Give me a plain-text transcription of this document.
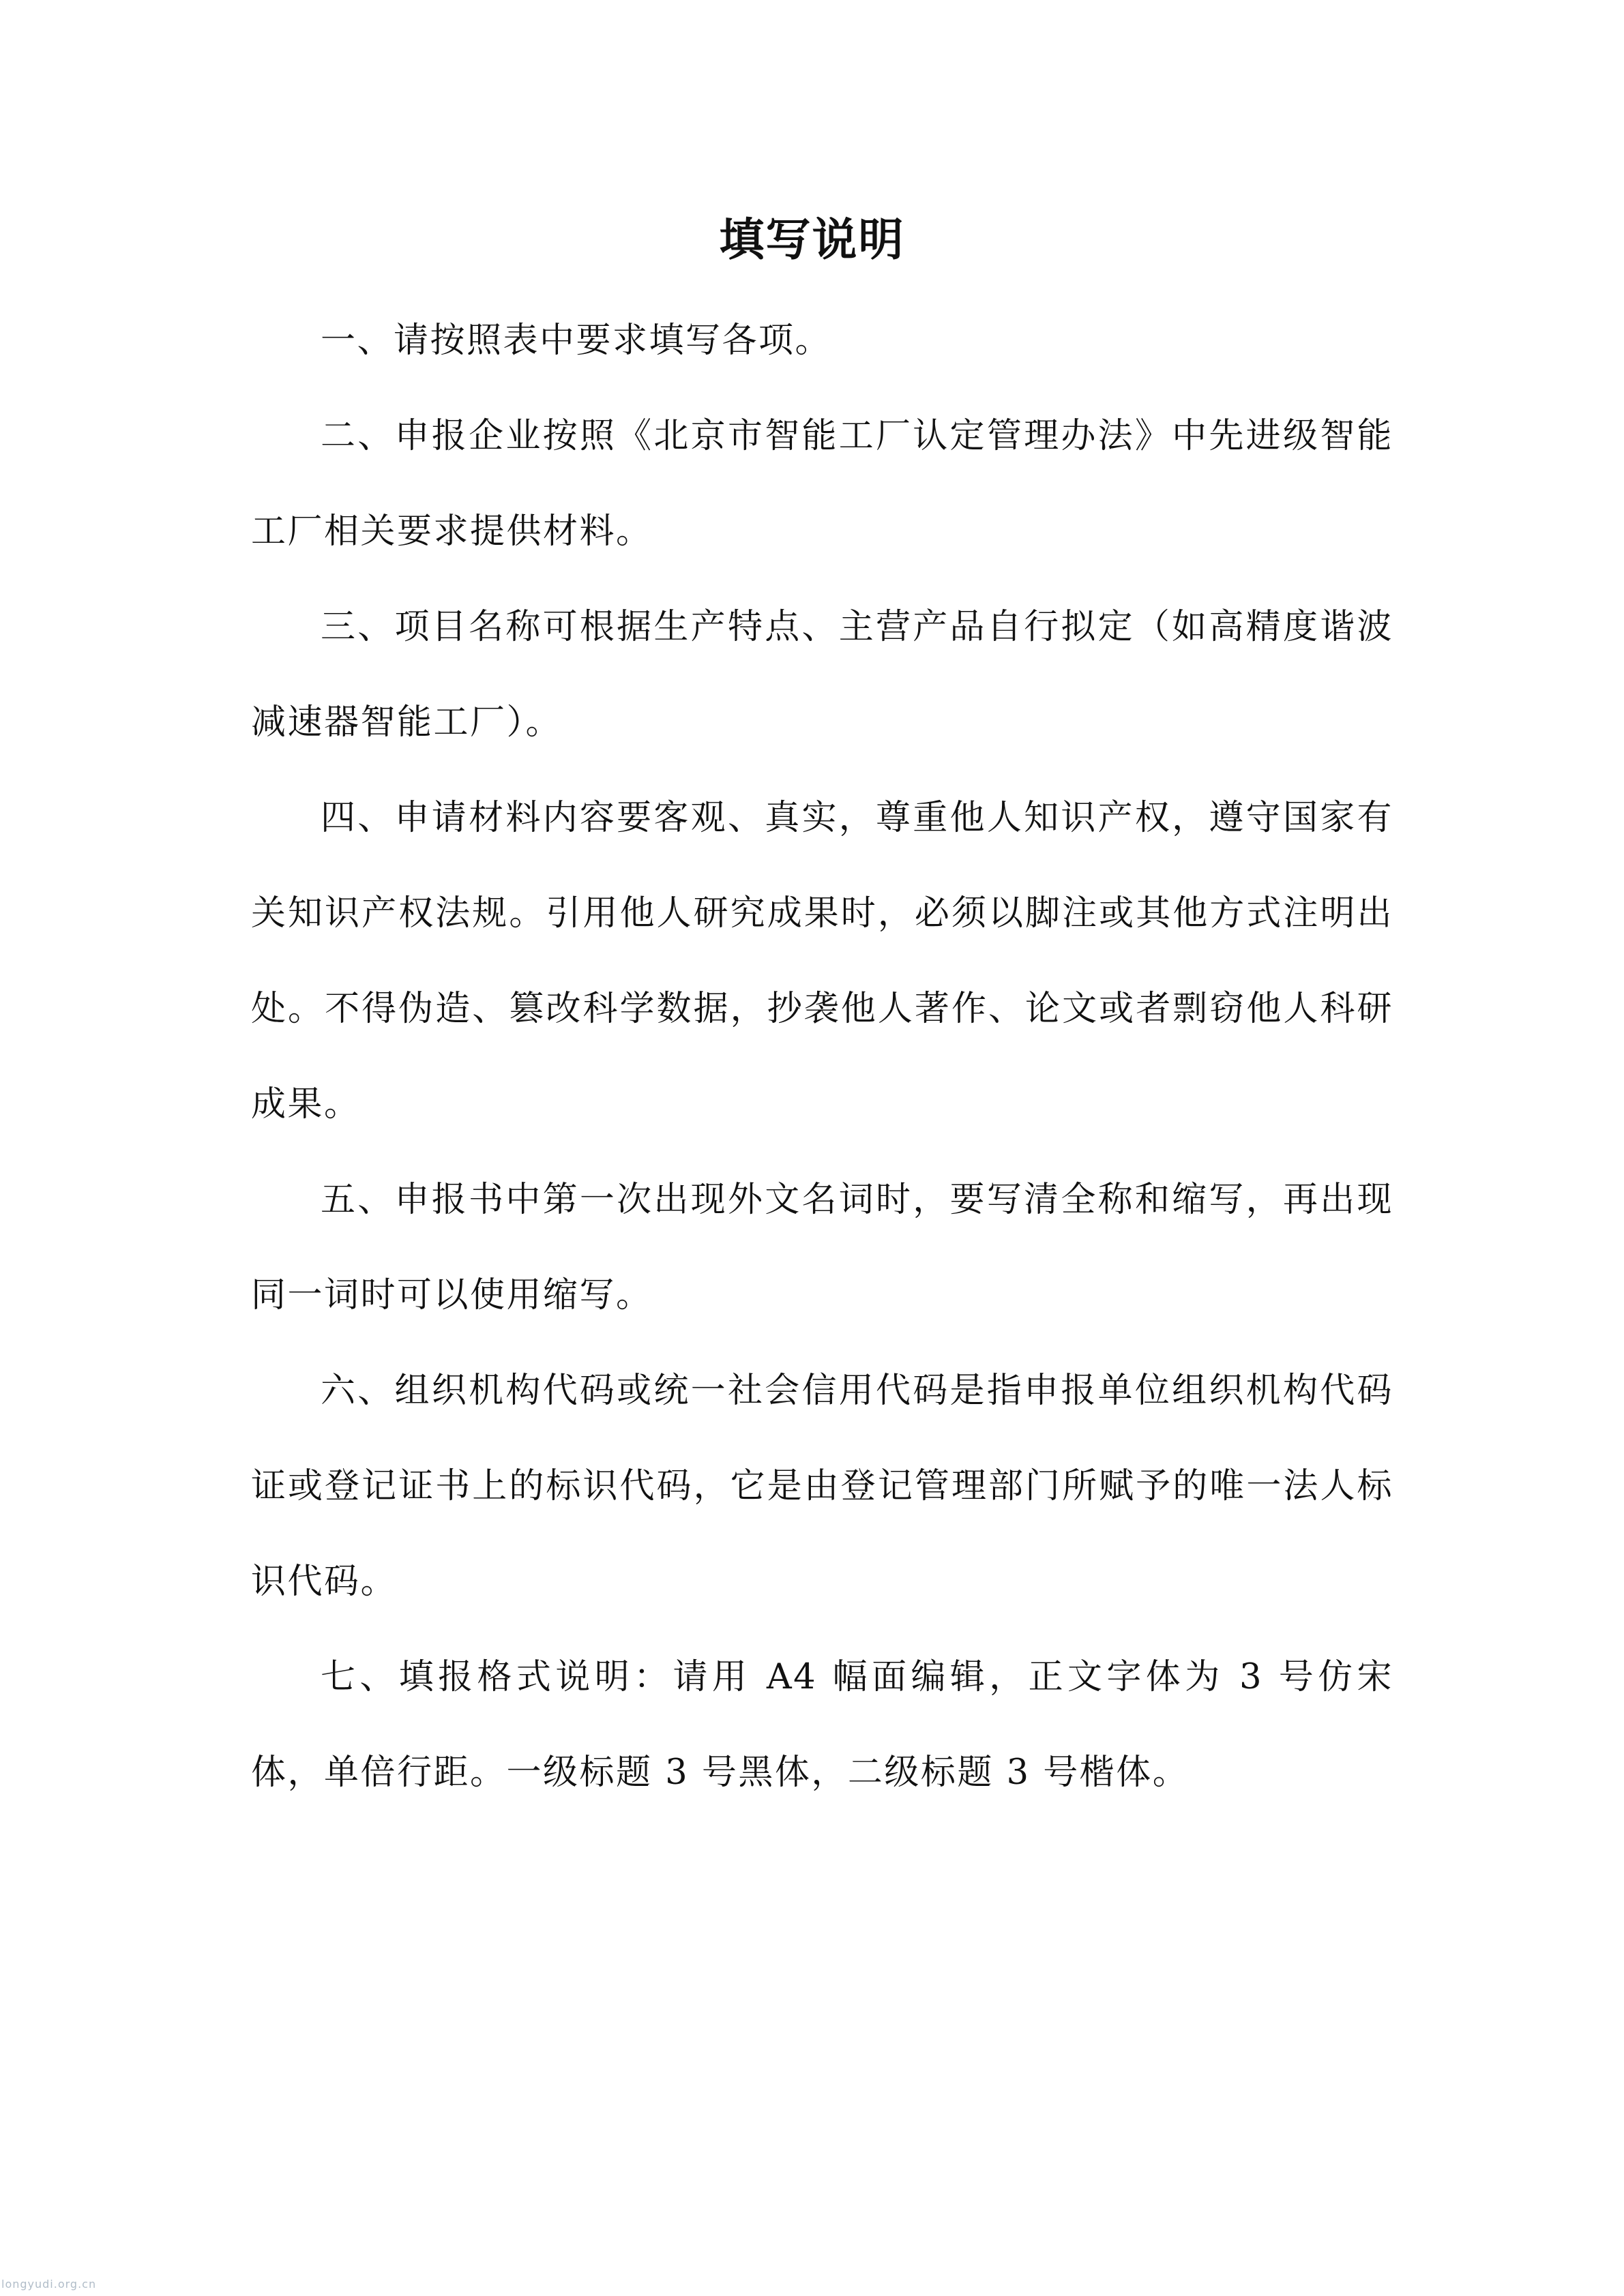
填写说明

一、请按照表中要求填写各项。

二、申报企业按照《北京市智能工厂认定管理办法》中先进级智能工厂相关要求提供材料。

三、项目名称可根据生产特点、主营产品自行拟定（如高精度谐波减速器智能工厂）。

四、申请材料内容要客观、真实，尊重他人知识产权，遵守国家有关知识产权法规。引用他人研究成果时，必须以脚注或其他方式注明出处。不得伪造、篡改科学数据，抄袭他人著作、论文或者剽窃他人科研成果。

五、申报书中第一次出现外文名词时，要写清全称和缩写，再出现同一词时可以使用缩写。

六、组织机构代码或统一社会信用代码是指申报单位组织机构代码证或登记证书上的标识代码，它是由登记管理部门所赋予的唯一法人标识代码。

七、填报格式说明：请用 A4 幅面编辑，正文字体为 3 号仿宋体，单倍行距。一级标题 3 号黑体，二级标题 3 号楷体。

longyudi.org.cn
